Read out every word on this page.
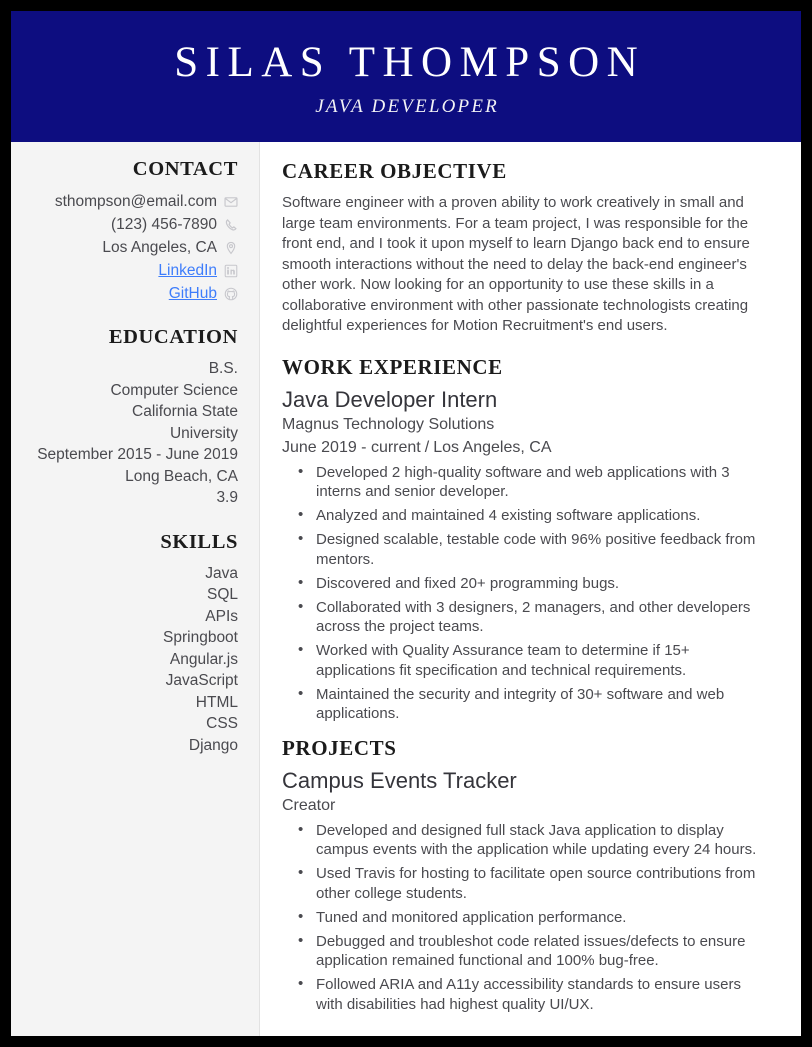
SILAS THOMPSON
JAVA DEVELOPER
CONTACT
sthompson@email.com
(123) 456-7890
Los Angeles, CA
LinkedIn
GitHub
EDUCATION
B.S.
Computer Science
California State
University
September 2015 - June 2019
Long Beach, CA
3.9
SKILLS
Java
SQL
APIs
Springboot
Angular.js
JavaScript
HTML
CSS
Django
CAREER OBJECTIVE

Software engineer with a proven ability to work creatively in small and large team environments. For a team project, I was responsible for the front end, and I took it upon myself to learn Django back end to ensure smooth interactions without the need to delay the back-end engineer's other work. Now looking for an opportunity to use these skills in a collaborative environment with other passionate technologists creating delightful experiences for Motion Recruitment's end users.

WORK EXPERIENCE
Java Developer Intern
Magnus Technology Solutions
June 2019 - current / Los Angeles, CA
• Developed 2 high-quality software and web applications with 3 interns and senior developer.
• Analyzed and maintained 4 existing software applications.
• Designed scalable, testable code with 96% positive feedback from mentors.
• Discovered and fixed 20+ programming bugs.
• Collaborated with 3 designers, 2 managers, and other developers across the project teams.
• Worked with Quality Assurance team to determine if 15+ applications fit specification and technical requirements.
• Maintained the security and integrity of 30+ software and web applications.
PROJECTS
Campus Events Tracker
Creator
• Developed and designed full stack Java application to display campus events with the application while updating every 24 hours.
• Used Travis for hosting to facilitate open source contributions from other college students.
• Tuned and monitored application performance.
• Debugged and troubleshot code related issues/defects to ensure application remained functional and 100% bug-free.
• Followed ARIA and A11y accessibility standards to ensure users with disabilities had highest quality UI/UX.
